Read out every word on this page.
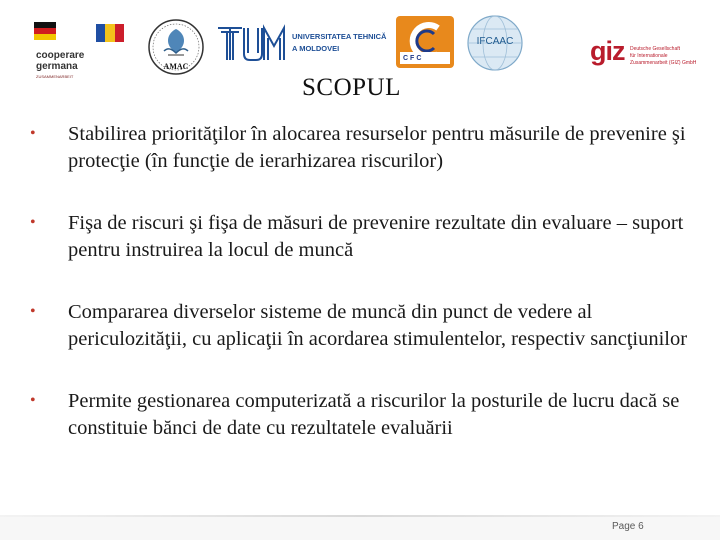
cooperare
germana
ZUSAMMENARBEIT
AMAC
UNIVERSITATEA TEHNICĂ
A MOLDOVEI
CFC
IFCAAC	giz Deutsche Gesellschaft
für Internationale
Zusammenarbeit (GIZ) GmbH
SCOPUL
• Stabilirea priorităţilor în alocarea resurselor pentru măsurile de prevenire şi protecţie (în funcţie de ierarhizarea riscurilor)
• Fişa de riscuri şi fişa de măsuri de prevenire rezultate din evaluare – suport pentru instruirea la locul de muncă
• Compararea diverselor sisteme de muncă din punct de vedere al periculozităţii, cu aplicaţii în acordarea stimulentelor, respectiv sancţiunilor
• Permite gestionarea computerizată a riscurilor la posturile de lucru dacă se constituie bănci de date cu rezultatele evaluării
Page 6
